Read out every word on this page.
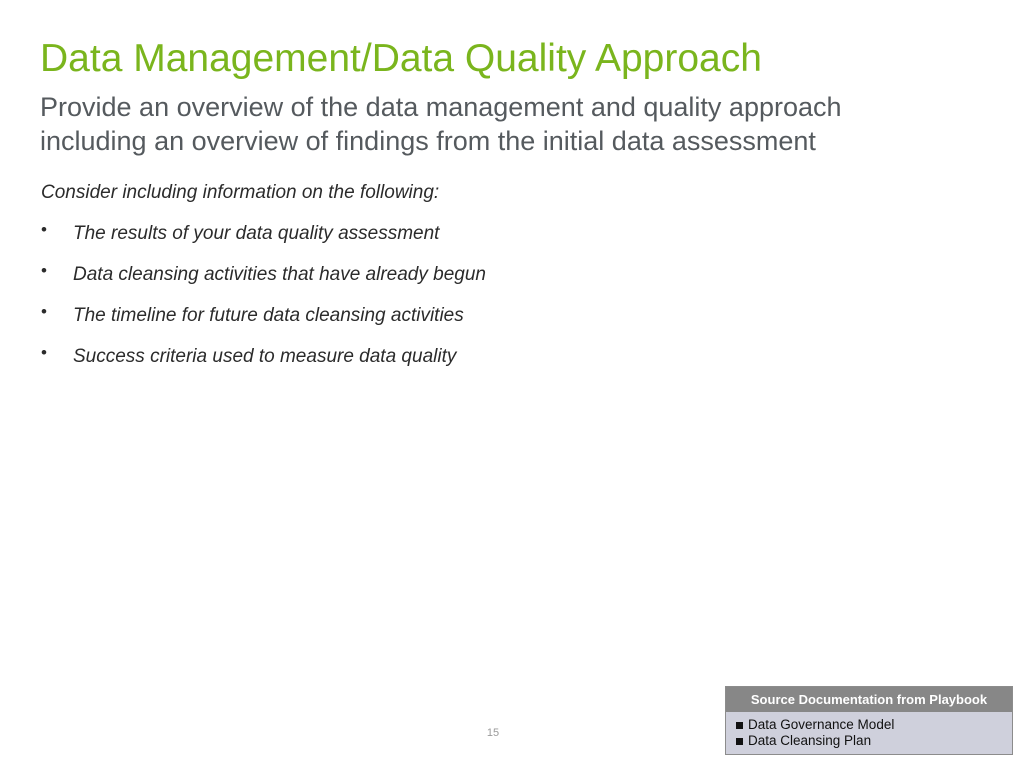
Data Management/Data Quality Approach

Provide an overview of the data management and quality approach including an overview of findings from the initial data assessment

Consider including information on the following:

• The results of your data quality assessment
• Data cleansing activities that have already begun
• The timeline for future data cleansing activities
• Success criteria used to measure data quality
15
Source Documentation from Playbook
Data Governance Model
Data Cleansing Plan
